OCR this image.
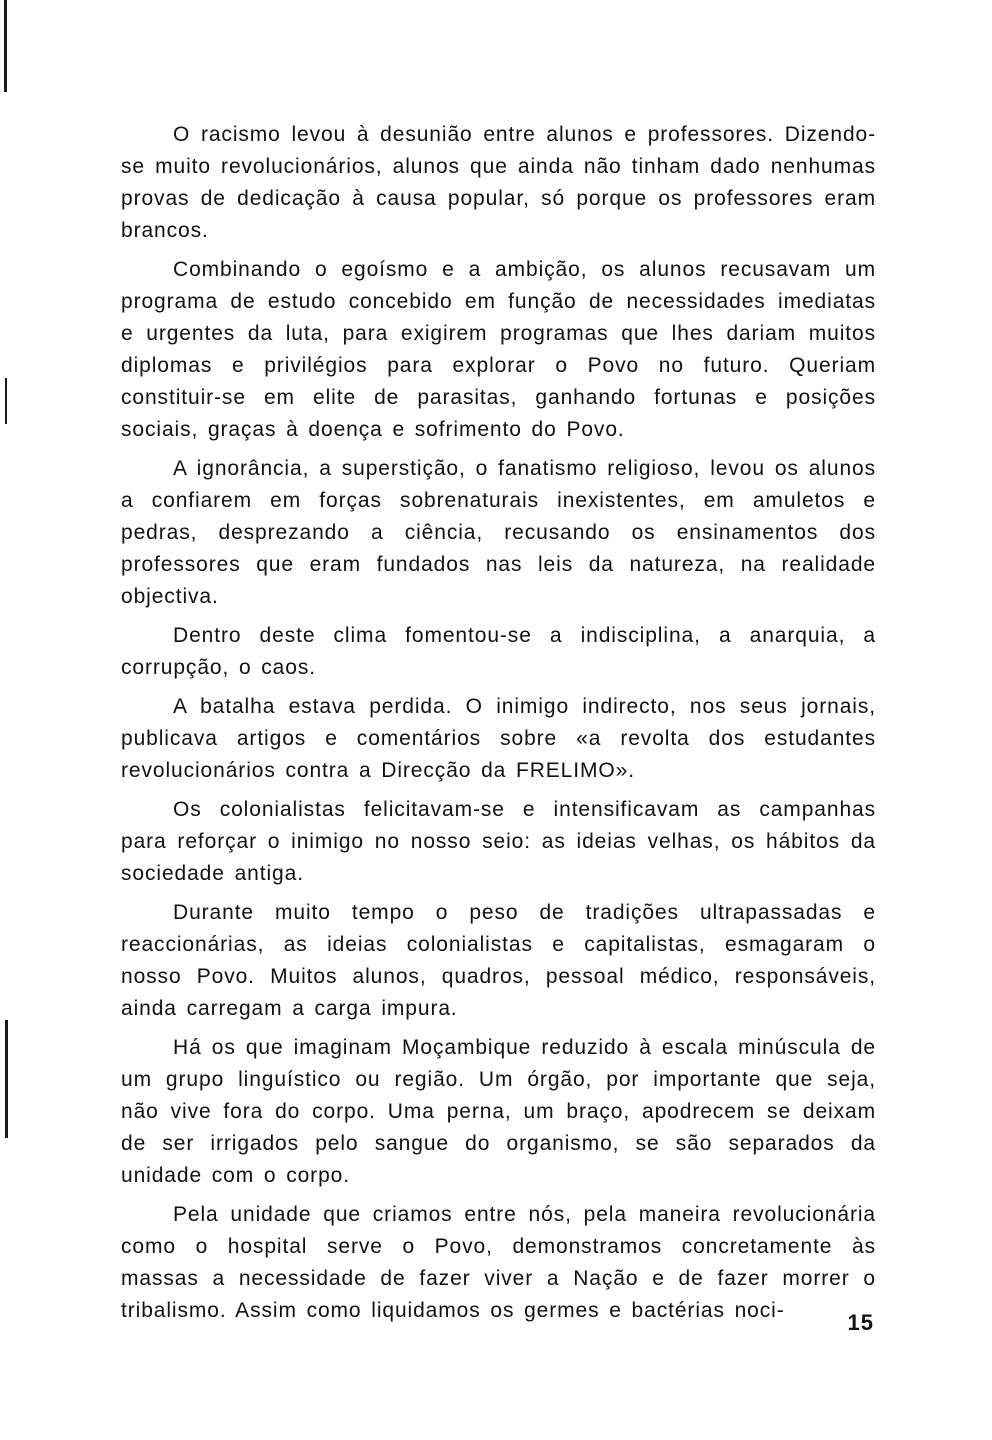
O racismo levou à desunião entre alunos e professores. Dizendo-se muito revolucionários, alunos que ainda não tinham dado nenhumas provas de dedicação à causa popular, só porque os professores eram brancos.

Combinando o egoísmo e a ambição, os alunos recusavam um programa de estudo concebido em função de necessidades imediatas e urgentes da luta, para exigirem programas que lhes dariam muitos diplomas e privilégios para explorar o Povo no futuro. Queriam constituir-se em elite de parasitas, ganhando fortunas e posições sociais, graças à doença e sofrimento do Povo.

A ignorância, a superstição, o fanatismo religioso, levou os alunos a confiarem em forças sobrenaturais inexistentes, em amuletos e pedras, desprezando a ciência, recusando os ensinamentos dos professores que eram fundados nas leis da natureza, na realidade objectiva.

Dentro deste clima fomentou-se a indisciplina, a anarquia, a corrupção, o caos.

A batalha estava perdida. O inimigo indirecto, nos seus jornais, publicava artigos e comentários sobre «a revolta dos estudantes revolucionários contra a Direcção da FRELIMO».

Os colonialistas felicitavam-se e intensificavam as campanhas para reforçar o inimigo no nosso seio: as ideias velhas, os hábitos da sociedade antiga.

Durante muito tempo o peso de tradições ultrapassadas e reaccionárias, as ideias colonialistas e capitalistas, esmagaram o nosso Povo. Muitos alunos, quadros, pessoal médico, responsáveis, ainda carregam a carga impura.

Há os que imaginam Moçambique reduzido à escala minúscula de um grupo linguístico ou região. Um órgão, por importante que seja, não vive fora do corpo. Uma perna, um braço, apodrecem se deixam de ser irrigados pelo sangue do organismo, se são separados da unidade com o corpo.

Pela unidade que criamos entre nós, pela maneira revolucionária como o hospital serve o Povo, demonstramos concretamente às massas a necessidade de fazer viver a Nação e de fazer morrer o tribalismo. Assim como liquidamos os germes e bactérias noci-	15
